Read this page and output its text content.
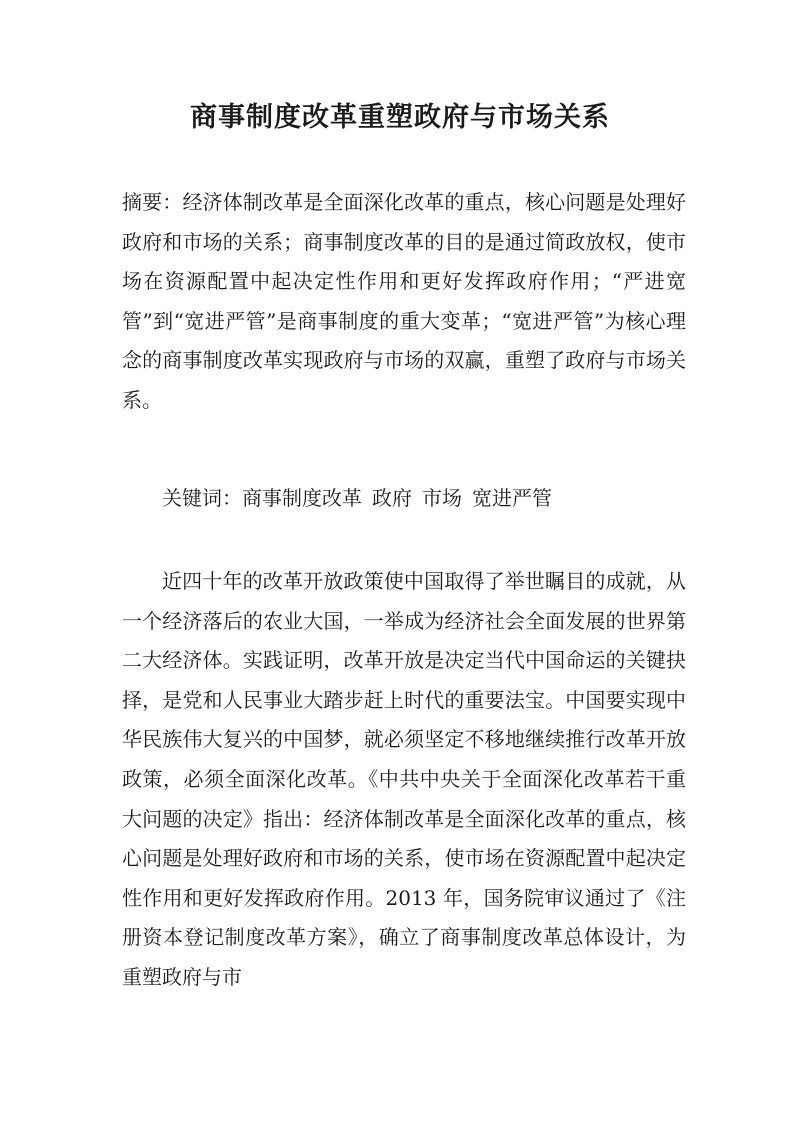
商事制度改革重塑政府与市场关系

摘要：经济体制改革是全面深化改革的重点，核心问题是处理好政府和市场的关系；商事制度改革的目的是通过简政放权，使市场在资源配置中起决定性作用和更好发挥政府作用；“严进宽管”到“宽进严管”是商事制度的重大变革；“宽进严管”为核心理念的商事制度改革实现政府与市场的双赢，重塑了政府与市场关系。

关键词：商事制度改革 政府 市场 宽进严管

近四十年的改革开放政策使中国取得了举世瞩目的成就，从一个经济落后的农业大国，一举成为经济社会全面发展的世界第二大经济体。实践证明，改革开放是决定当代中国命运的关键抉择，是党和人民事业大踏步赶上时代的重要法宝。中国要实现中华民族伟大复兴的中国梦，就必须坚定不移地继续推行改革开放政策，必须全面深化改革。《中共中央关于全面深化改革若干重大问题的决定》指出：经济体制改革是全面深化改革的重点，核心问题是处理好政府和市场的关系，使市场在资源配置中起决定性作用和更好发挥政府作用。2013 年，国务院审议通过了《注册资本登记制度改革方案》，确立了商事制度改革总体设计，为重塑政府与市
